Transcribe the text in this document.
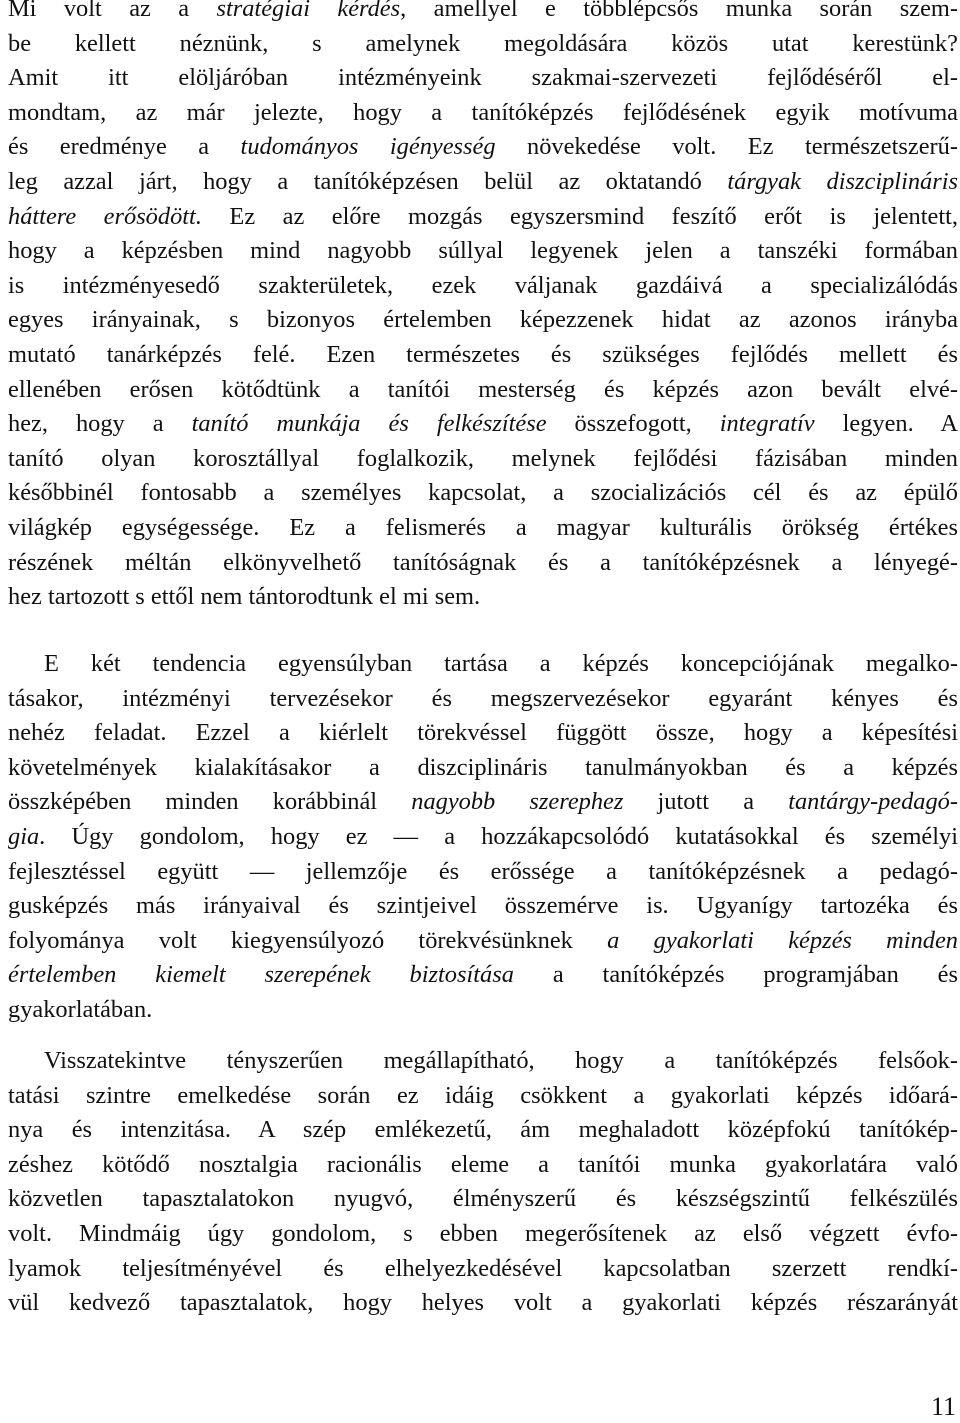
Mi volt az a stratégiai kérdés, amellyel e többlépcsős munka során szem-
be kellett néznünk, s amelynek megoldására közös utat kerestünk?
Amit itt elöljáróban intézményeink szakmai-szervezeti fejlődéséről el-
mondtam, az már jelezte, hogy a tanítóképzés fejlődésének egyik motívuma
és eredménye a tudományos igényesség növekedése volt. Ez természetszerű-
leg azzal járt, hogy a tanítóképzésen belül az oktatandó tárgyak diszciplináris
háttere erősödött. Ez az előre mozgás egyszersmind feszítő erőt is jelentett,
hogy a képzésben mind nagyobb súllyal legyenek jelen a tanszéki formában
is intézményesedő szakterületek, ezek váljanak gazdáivá a specializálódás
egyes irányainak, s bizonyos értelemben képezzenek hidat az azonos irányba
mutató tanárképzés felé. Ezen természetes és szükséges fejlődés mellett és
ellenében erősen kötődtünk a tanítói mesterség és képzés azon bevált elvé-
hez, hogy a tanító munkája és felkészítése összefogott, integratív legyen. A
tanító olyan korosztállyal foglalkozik, melynek fejlődési fázisában minden
későbbinél fontosabb a személyes kapcsolat, a szocializációs cél és az épülő
világkép egységessége. Ez a felismerés a magyar kulturális örökség értékes
részének méltán elkönyvelhető tanítóságnak és a tanítóképzésnek a lényegé-
hez tartozott s ettől nem tántorodtunk el mi sem.
E két tendencia egyensúlyban tartása a képzés koncepciójának megalko-
tásakor, intézményi tervezésekor és megszervezésekor egyaránt kényes és
nehéz feladat. Ezzel a kiérlelt törekvéssel függött össze, hogy a képesítési
követelmények kialakításakor a diszciplináris tanulmányokban és a képzés
összképében minden korábbinál nagyobb szerephez jutott a tantárgy-pedagó-
gia. Úgy gondolom, hogy ez — a hozzákapcsolódó kutatásokkal és személyi
fejlesztéssel együtt — jellemzője és erőssége a tanítóképzésnek a pedagó-
gusképzés más irányaival és szintjeivel összemérve is. Ugyanígy tartozéka és
folyománya volt kiegyensúlyozó törekvésünknek a gyakorlati képzés minden
értelemben kiemelt szerepének biztosítása a tanítóképzés programjában és
gyakorlatában.
Visszatekintve tényszerűen megállapítható, hogy a tanítóképzés felsőok-
tatási szintre emelkedése során ez idáig csökkent a gyakorlati képzés időará-
nya és intenzitása. A szép emlékezetű, ám meghaladott középfokú tanítókép-
zéshez kötődő nosztalgia racionális eleme a tanítói munka gyakorlatára való
közvetlen tapasztalatokon nyugvó, élményszerű és készségszintű felkészülés
volt. Mindmáig úgy gondolom, s ebben megerősítenek az első végzett évfo-
lyamok teljesítményével és elhelyezkedésével kapcsolatban szerzett rendkí-
vül kedvező tapasztalatok, hogy helyes volt a gyakorlati képzés részarányát
11
